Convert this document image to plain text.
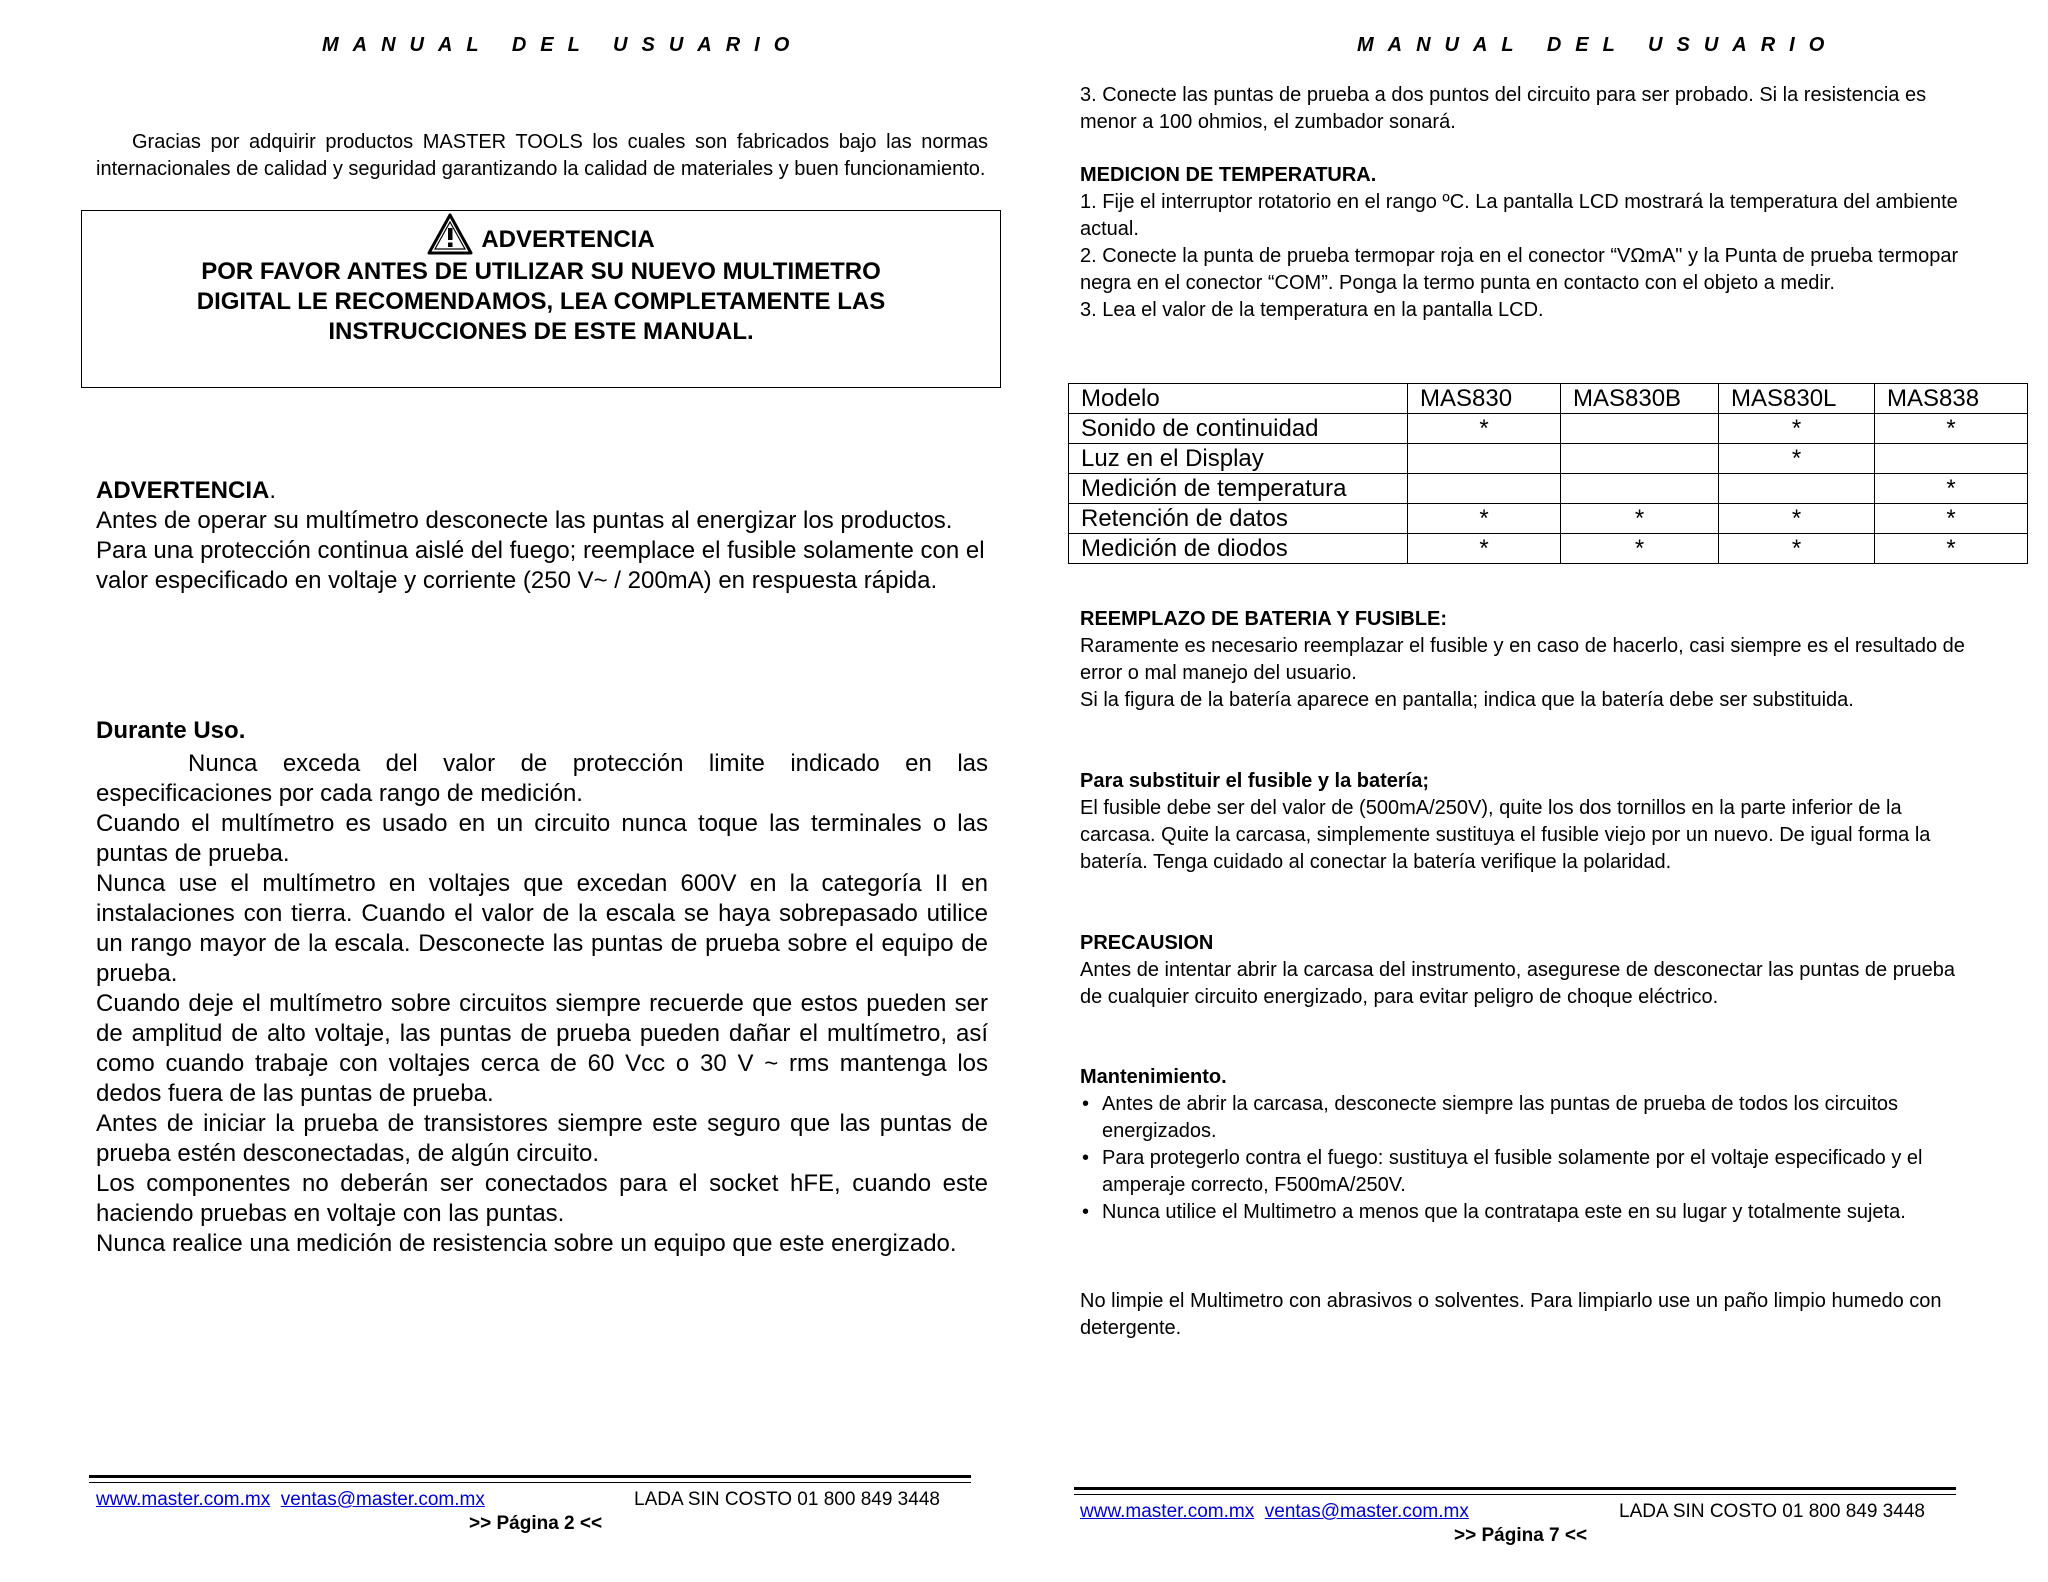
MANUAL DEL USUARIO

Gracias por adquirir productos MASTER TOOLS los cuales son fabricados bajo las normas internacionales de calidad y seguridad garantizando la calidad de materiales y buen funcionamiento.

ADVERTENCIA
POR FAVOR ANTES DE UTILIZAR SU NUEVO MULTIMETRO
DIGITAL LE RECOMENDAMOS, LEA COMPLETAMENTE LAS
INSTRUCCIONES DE ESTE MANUAL.

ADVERTENCIA.

Antes de operar su multímetro desconecte las puntas al energizar los productos.

Para una protección continua aislé del fuego; reemplace el fusible solamente con el valor especificado en voltaje y corriente (250 V~ / 200mA) en respuesta rápida.

Durante Uso.

Nunca exceda del valor de protección limite indicado en las especificaciones por cada rango de medición.

Cuando el multímetro es usado en un circuito nunca toque las terminales o las puntas de prueba.

Nunca use el multímetro en voltajes que excedan 600V en la categoría II en instalaciones con tierra. Cuando el valor de la escala se haya sobrepasado utilice un rango mayor de la escala. Desconecte las puntas de prueba sobre el equipo de prueba.

Cuando deje el multímetro sobre circuitos siempre recuerde que estos pueden ser de amplitud de alto voltaje, las puntas de prueba pueden dañar el multímetro, así como cuando trabaje con voltajes cerca de 60 Vcc o 30 V ~ rms mantenga los dedos fuera de las puntas de prueba.

Antes de iniciar la prueba de transistores siempre este seguro que las puntas de prueba estén desconectadas, de algún circuito.

Los componentes no deberán ser conectados para el socket hFE, cuando este haciendo pruebas en voltaje con las puntas.

Nunca realice una medición de resistencia sobre un equipo que este energizado.

www.master.com.mx ventas@master.com.mx	LADA SIN COSTO 01 800 849 3448
>> Página 2 <<
MANUAL DEL USUARIO

3. Conecte las puntas de prueba a dos puntos del circuito para ser probado. Si la resistencia es menor a 100 ohmios, el zumbador sonará.

MEDICION DE TEMPERATURA.

1. Fije el interruptor rotatorio en el rango ºC. La pantalla LCD mostrará la temperatura del ambiente actual.

2. Conecte la punta de prueba termopar roja en el conector “VΩmA" y la Punta de prueba termopar negra en el conector “COM”. Ponga la termo punta en contacto con el objeto a medir.

3. Lea el valor de la temperatura en la pantalla LCD.

Modelo	MAS830	MAS830B	MAS830L	MAS838
Sonido de continuidad	*		*	*
Luz en el Display			*	
Medición de temperatura				*
Retención de datos	*	*	*	*
Medición de diodos	*	*	*	*

REEMPLAZO DE BATERIA Y FUSIBLE:

Raramente es necesario reemplazar el fusible y en caso de hacerlo, casi siempre es el resultado de error o mal manejo del usuario.

Si la figura de la batería aparece en pantalla; indica que la batería debe ser substituida.

Para substituir el fusible y la batería;

El fusible debe ser del valor de (500mA/250V), quite los dos tornillos en la parte inferior de la carcasa. Quite la carcasa, simplemente sustituya el fusible viejo por un nuevo. De igual forma la batería. Tenga cuidado al conectar la batería verifique la polaridad.

PRECAUSION

Antes de intentar abrir la carcasa del instrumento, asegurese de desconectar las puntas de prueba de cualquier circuito energizado, para evitar peligro de choque eléctrico.

Mantenimiento.

• Antes de abrir la carcasa, desconecte siempre las puntas de prueba de todos los circuitos energizados.
• Para protegerlo contra el fuego: sustituya el fusible solamente por el voltaje especificado y el amperaje correcto, F500mA/250V.
• Nunca utilice el Multimetro a menos que la contratapa este en su lugar y totalmente sujeta.

No limpie el Multimetro con abrasivos o solventes. Para limpiarlo use un paño limpio humedo con detergente.

www.master.com.mx ventas@master.com.mx	LADA SIN COSTO 01 800 849 3448
>> Página 7 <<
